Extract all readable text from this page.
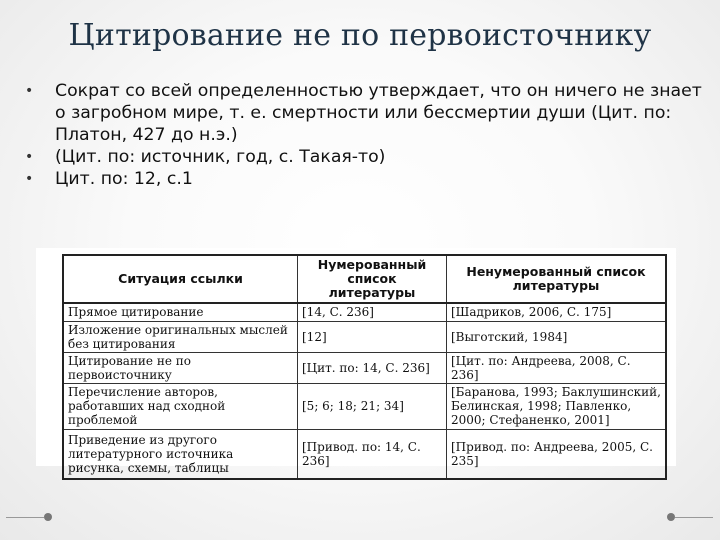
Цитирование не по первоисточнику
• Сократ со всей определенностью утверждает, что он ничего не знает о загробном мире, т. е. смертности или бессмертии души (Цит. по: Платон, 427 до н.э.)
• (Цит. по: источник, год, с. Такая-то)
• Цит. по: 12, с.1
Ситуация ссылки	Нумерованный список литературы	Ненумерованный список литературы
Прямое цитирование	[14, С. 236]	[Шадриков, 2006, С. 175]
Изложение оригинальных мыслей без цитирования	[12]	[Выготский, 1984]
Цитирование не по первоисточнику	[Цит. по: 14, С. 236]	[Цит. по: Андреева, 2008, С. 236]
Перечисление авторов, работавших над сходной проблемой	[5; 6; 18; 21; 34]	[Баранова, 1993; Баклушинский, Белинская, 1998; Павленко, 2000; Стефаненко, 2001]
Приведение из другого литературного источника рисунка, схемы, таблицы	[Привод. по: 14, С. 236]	[Привод. по: Андреева, 2005, С. 235]
